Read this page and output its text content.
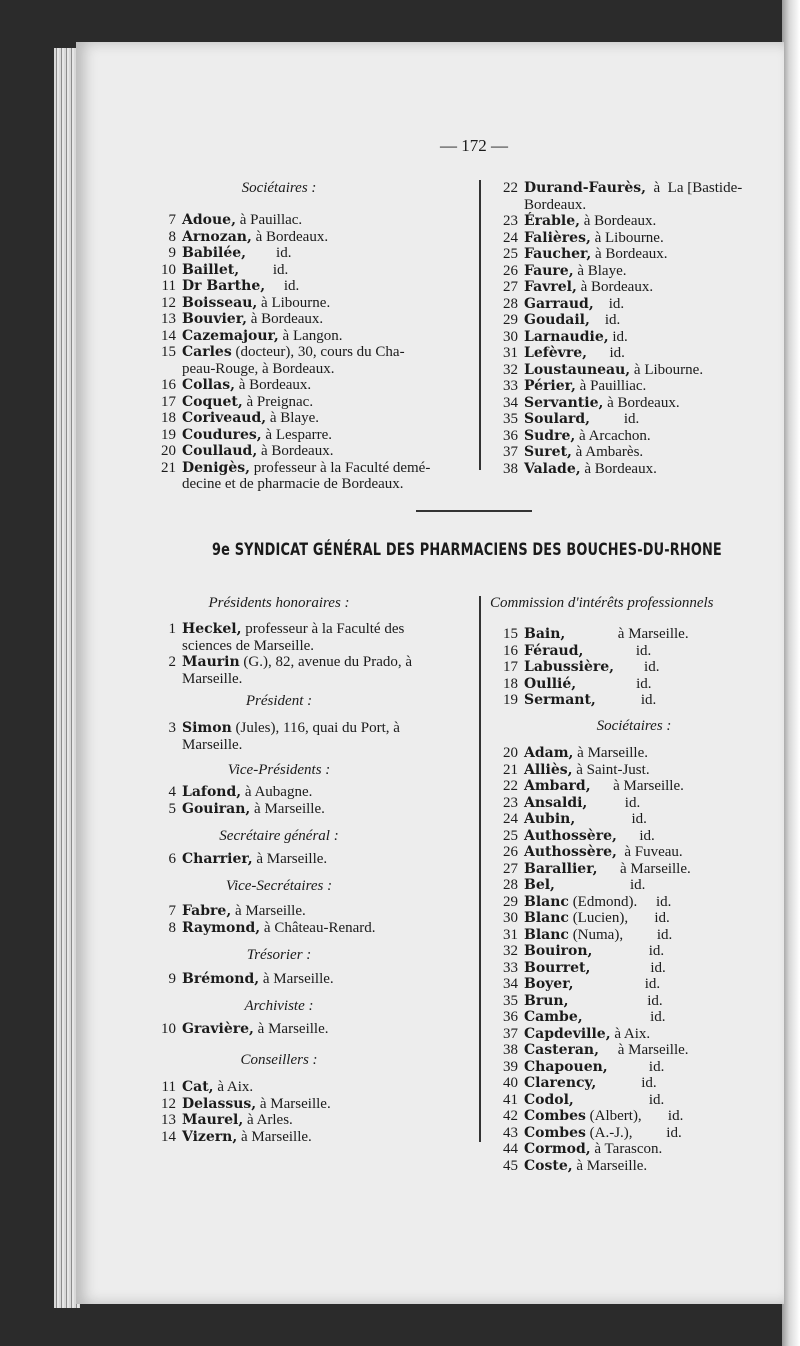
— 172 —
Sociétaires :
7 Adoue, à Pauillac.
8 Arnozan, à Bordeaux.
9 Babilée,        id.
10 Baillet,         id.
11 Dr Barthe,     id.
12 Boisseau, à Libourne.
13 Bouvier, à Bordeaux.
14 Cazemajour, à Langon.
15 Carles (docteur), 30, cours du Cha-
peau-Rouge, à Bordeaux.
16 Collas, à Bordeaux.
17 Coquet, à Preignac.
18 Coriveaud, à Blaye.
19 Coudures, à Lesparre.
20 Coullaud, à Bordeaux.
21 Denigès, professeur à la Faculté demé-
decine et de pharmacie de Bordeaux.
22 Durand-Faurès,  à  La [Bastide-
Bordeaux.
23 Érable, à Bordeaux.
24 Falières, à Libourne.
25 Faucher, à Bordeaux.
26 Faure, à Blaye.
27 Favrel, à Bordeaux.
28 Garraud,    id.
29 Goudail,    id.
30 Larnaudie, id.
31 Lefèvre,      id.
32 Loustauneau, à Libourne.
33 Périer, à Pauilliac.
34 Servantie, à Bordeaux.
35 Soulard,         id.
36 Sudre, à Arcachon.
37 Suret, à Ambarès.
38 Valade, à Bordeaux.
9e SYNDICAT GÉNÉRAL DES PHARMACIENS DES BOUCHES-DU-RHONE
Présidents honoraires :
1 Heckel, professeur à la Faculté des
sciences de Marseille.
2 Maurin (G.), 82, avenue du Prado, à
Marseille.
Président :
3 Simon (Jules), 116, quai du Port, à
Marseille.
Vice-Présidents :
4 Lafond, à Aubagne.
5 Gouiran, à Marseille.
Secrétaire général :
6 Charrier, à Marseille.
Vice-Secrétaires :
7 Fabre, à Marseille.
8 Raymond, à Château-Renard.
Trésorier :
9 Brémond, à Marseille.
Archiviste :
10 Gravière, à Marseille.
Conseillers :
11 Cat, à Aix.
12 Delassus, à Marseille.
13 Maurel, à Arles.
14 Vizern, à Marseille.
Commission d'intérêts professionnels
15 Bain,              à Marseille.
16 Féraud,              id.
17 Labussière,        id.
18 Oullié,                id.
19 Sermant,            id.
Sociétaires :
20 Adam, à Marseille.
21 Alliès, à Saint-Just.
22 Ambard,      à Marseille.
23 Ansaldi,          id.
24 Aubin,               id.
25 Authossère,      id.
26 Authossère,  à Fuveau.
27 Barallier,      à Marseille.
28 Bel,                    id.
29 Blanc (Edmond).     id.
30 Blanc (Lucien),       id.
31 Blanc (Numa),         id.
32 Bouiron,               id.
33 Bourret,                id.
34 Boyer,                   id.
35 Brun,                     id.
36 Cambe,                  id.
37 Capdeville, à Aix.
38 Casteran,     à Marseille.
39 Chapouen,           id.
40 Clarency,            id.
41 Codol,                    id.
42 Combes (Albert),       id.
43 Combes (A.-J.),         id.
44 Cormod, à Tarascon.
45 Coste, à Marseille.
